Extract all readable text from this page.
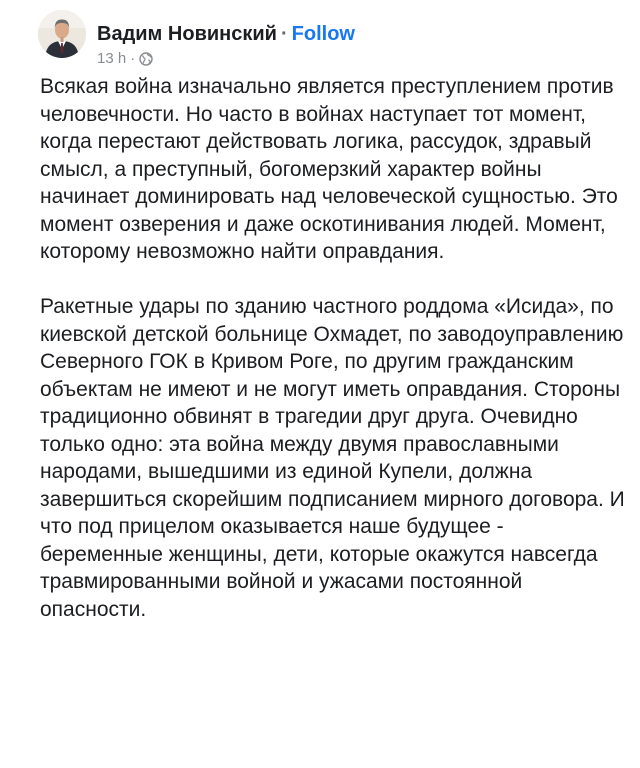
Вадим Новинский · Follow
13 h ·

Всякая война изначально является преступлением против человечности. Но часто в войнах наступает тот момент, когда перестают действовать логика, рассудок, здравый смысл, а преступный, богомерзкий характер войны начинает доминировать над человеческой сущностью. Это момент озверения и даже оскотинивания людей. Момент, которому невозможно найти оправдания.

Ракетные удары по зданию частного роддома «Исида», по киевской детской больнице Охмадет, по заводоуправлению Северного ГОК в Кривом Роге, по другим гражданским объектам не имеют и не могут иметь оправдания. Стороны традиционно обвинят в трагедии друг друга. Очевидно только одно: эта война между двумя православными народами, вышедшими из единой Купели, должна завершиться скорейшим подписанием мирного договора. И что под прицелом оказывается наше будущее - беременные женщины, дети, которые окажутся навсегда травмированными войной и ужасами постоянной опасности.
